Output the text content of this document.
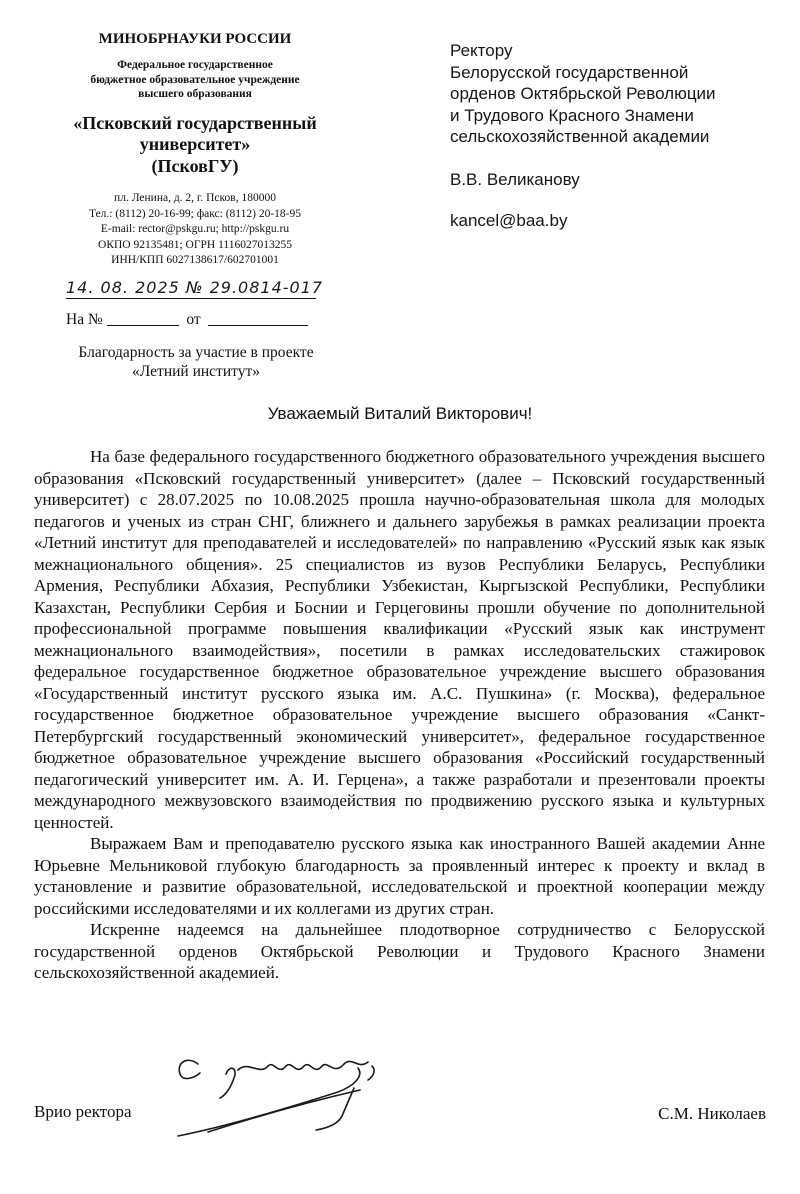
МИНОБРНАУКИ РОССИИ
Федеральное государственное
бюджетное образовательное учреждение
высшего образования
«Псковский государственный
университет»
(ПсковГУ)
пл. Ленина, д. 2, г. Псков, 180000
Тел.: (8112) 20-16-99; факс: (8112) 20-18-95
E-mail: rector@pskgu.ru; http://pskgu.ru
ОКПО 92135481; ОГРН 1116027013255
ИНН/КПП 6027138617/602701001
14. 08. 2025 № 29.0814-017
На №	от
Благодарность за участие в проекте
«Летний институт»
Ректору
Белорусской государственной
орденов Октябрьской Революции
и Трудового Красного Знамени
сельскохозяйственной академии
В.В. Великанову
kancel@baa.by
Уважаемый Виталий Викторович!

На базе федерального государственного бюджетного образовательного учреждения высшего образования «Псковский государственный университет» (далее – Псковский государственный университет) с 28.07.2025 по 10.08.2025 прошла научно-образовательная школа для молодых педагогов и ученых из стран СНГ, ближнего и дальнего зарубежья в рамках реализации проекта «Летний институт для преподавателей и исследователей» по направлению «Русский язык как язык межнационального общения». 25 специалистов из вузов Республики Беларусь, Республики Армения, Республики Абхазия, Республики Узбекистан, Кыргызской Республики, Республики Казахстан, Республики Сербия и Боснии и Герцеговины прошли обучение по дополнительной профессиональной программе повышения квалификации «Русский язык как инструмент межнационального взаимодействия», посетили в рамках исследовательских стажировок федеральное государственное бюджетное образовательное учреждение высшего образования «Государственный институт русского языка им. А.С. Пушкина» (г. Москва), федеральное государственное бюджетное образовательное учреждение высшего образования «Санкт-Петербургский государственный экономический университет», федеральное государственное бюджетное образовательное учреждение высшего образования «Российский государственный педагогический университет им. А. И. Герцена», а также разработали и презентовали проекты международного межвузовского взаимодействия по продвижению русского языка и культурных ценностей.

Выражаем Вам и преподавателю русского языка как иностранного Вашей академии Анне Юрьевне Мельниковой глубокую благодарность за проявленный интерес к проекту и вклад в установление и развитие образовательной, исследовательской и проектной кооперации между российскими исследователями и их коллегами из других стран.

Искренне надеемся на дальнейшее плодотворное сотрудничество с Белорусской государственной орденов Октябрьской Революции и Трудового Красного Знамени сельскохозяйственной академией.

Врио ректора	С.М. Николаев
